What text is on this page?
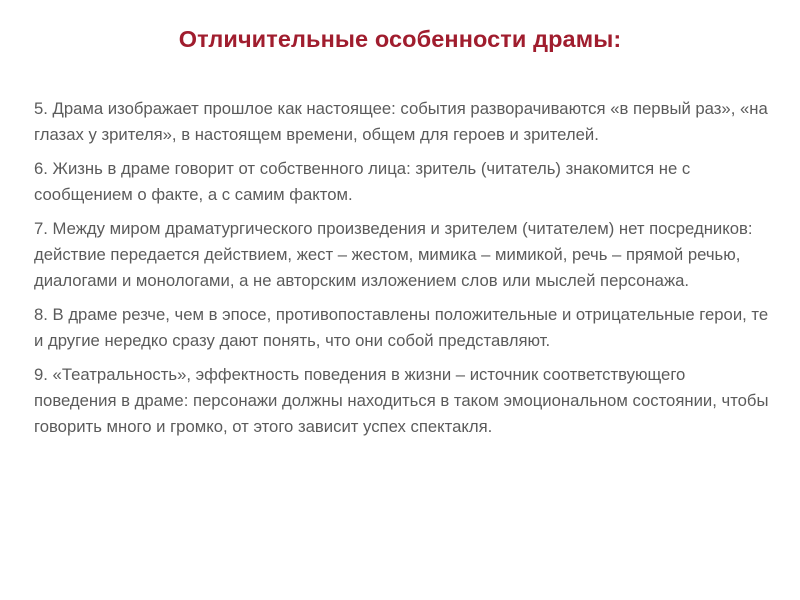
Отличительные особенности драмы:

5. Драма изображает прошлое как настоящее: события разворачиваются «в первый раз», «на глазах у зрителя», в настоящем времени, общем для героев и зрителей.

6. Жизнь в драме говорит от собственного лица: зритель (читатель) знакомится не с сообщением о факте, а с самим фактом.

7. Между миром драматургического произведения и зрителем (читателем) нет посредников: действие передается действием, жест – жестом, мимика – мимикой, речь – прямой речью, диалогами и монологами, а не авторским изложением слов или мыслей персонажа.

8. В драме резче, чем в эпосе, противопоставлены положительные и отрицательные герои, те и другие нередко сразу дают понять, что они собой представляют.

9. «Театральность», эффектность поведения в жизни – источник соответствующего поведения в драме: персонажи должны находиться в таком эмоциональном состоянии, чтобы говорить много и громко, от этого зависит успех спектакля.
